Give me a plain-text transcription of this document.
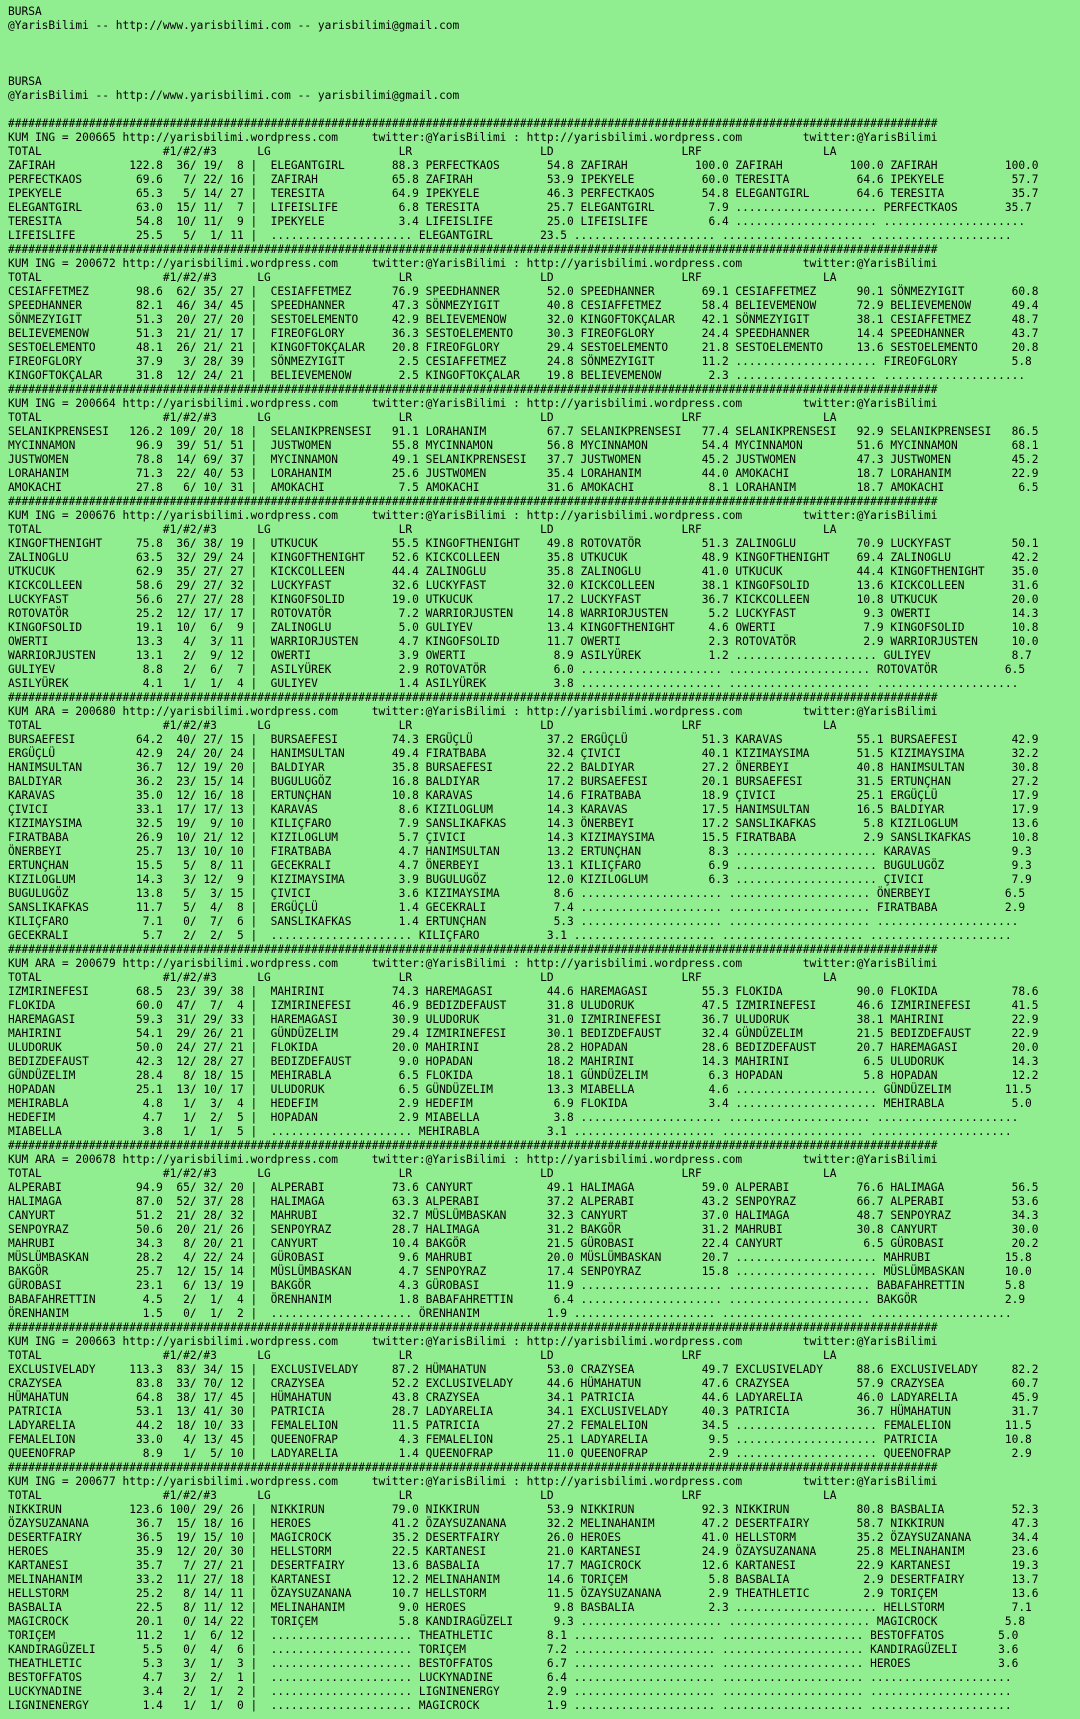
BURSA
@YarisBilimi -- http://www.yarisbilimi.com -- yarisbilimi@gmail.com

BURSA
@YarisBilimi -- http://www.yarisbilimi.com -- yarisbilimi@gmail.com

##########################################################################################################################################
KUM ING = 200665 http://yarisbilimi.wordpress.com     twitter:@YarisBilimi : http://yarisbilimi.wordpress.com         twitter:@YarisBilimi
TOTAL                  #1/#2/#3      LG                   LR                   LD                   LRF                  LA
ZAFIRAH           122.8  36/ 19/  8 |  ELEGANTGIRL       88.3 PERFECTKAOS       54.8 ZAFIRAH          100.0 ZAFIRAH          100.0 ZAFIRAH          100.0
PERFECTKAOS        69.6   7/ 22/ 16 |  ZAFIRAH           65.8 ZAFIRAH           53.9 IPEKYELE          60.0 TERESITA          64.6 IPEKYELE          57.7
IPEKYELE           65.3   5/ 14/ 27 |  TERESITA          64.9 IPEKYELE          46.3 PERFECTKAOS       54.8 ELEGANTGIRL       64.6 TERESITA          35.7
ELEGANTGIRL        63.0  15/ 11/  7 |  LIFEISLIFE         6.8 TERESITA          25.7 ELEGANTGIRL        7.9 ..................... PERFECTKAOS       35.7
TERESITA           54.8  10/ 11/  9 |  IPEKYELE           3.4 LIFEISLIFE        25.0 LIFEISLIFE         6.4 ..................... .....................
LIFEISLIFE         25.5   5/  1/ 11 |  ..................... ELEGANTGIRL       23.5 ..................... ..................... .....................
##########################################################################################################################################
KUM ING = 200672 http://yarisbilimi.wordpress.com     twitter:@YarisBilimi : http://yarisbilimi.wordpress.com         twitter:@YarisBilimi
TOTAL                  #1/#2/#3      LG                   LR                   LD                   LRF                  LA
CESIAFFETMEZ       98.6  62/ 35/ 27 |  CESIAFFETMEZ      76.9 SPEEDHANNER       52.0 SPEEDHANNER       69.1 CESIAFFETMEZ      90.1 SÖNMEZYIGIT       60.8
SPEEDHANNER        82.1  46/ 34/ 45 |  SPEEDHANNER       47.3 SÖNMEZYIGIT       40.8 CESIAFFETMEZ      58.4 BELIEVEMENOW      72.9 BELIEVEMENOW      49.4
SÖNMEZYIGIT        51.3  20/ 27/ 20 |  SESTOELEMENTO     42.9 BELIEVEMENOW      32.0 KINGOFTOKÇALAR    42.1 SÖNMEZYIGIT       38.1 CESIAFFETMEZ      48.7
BELIEVEMENOW       51.3  21/ 21/ 17 |  FIREOFGLORY       36.3 SESTOELEMENTO     30.3 FIREOFGLORY       24.4 SPEEDHANNER       14.4 SPEEDHANNER       43.7
SESTOELEMENTO      48.1  26/ 21/ 21 |  KINGOFTOKÇALAR    20.8 FIREOFGLORY       29.4 SESTOELEMENTO     21.8 SESTOELEMENTO     13.6 SESTOELEMENTO     20.8
FIREOFGLORY        37.9   3/ 28/ 39 |  SÖNMEZYIGIT        2.5 CESIAFFETMEZ      24.8 SÖNMEZYIGIT       11.2 ..................... FIREOFGLORY        5.8
KINGOFTOKÇALAR     31.8  12/ 24/ 21 |  BELIEVEMENOW       2.5 KINGOFTOKÇALAR    19.8 BELIEVEMENOW       2.3 ..................... .....................
##########################################################################################################################################
KUM ING = 200664 http://yarisbilimi.wordpress.com     twitter:@YarisBilimi : http://yarisbilimi.wordpress.com         twitter:@YarisBilimi
TOTAL                  #1/#2/#3      LG                   LR                   LD                   LRF                  LA
SELANIKPRENSESI   126.2 109/ 20/ 18 |  SELANIKPRENSESI   91.1 LORAHANIM         67.7 SELANIKPRENSESI   77.4 SELANIKPRENSESI   92.9 SELANIKPRENSESI   86.5
MYCINNAMON         96.9  39/ 51/ 51 |  JUSTWOMEN         55.8 MYCINNAMON        56.8 MYCINNAMON        54.4 MYCINNAMON        51.6 MYCINNAMON        68.1
JUSTWOMEN          78.8  14/ 69/ 37 |  MYCINNAMON        49.1 SELANIKPRENSESI   37.7 JUSTWOMEN         45.2 JUSTWOMEN         47.3 JUSTWOMEN         45.2
LORAHANIM          71.3  22/ 40/ 53 |  LORAHANIM         25.6 JUSTWOMEN         35.4 LORAHANIM         44.0 AMOKACHI          18.7 LORAHANIM         22.9
AMOKACHI           27.8   6/ 10/ 31 |  AMOKACHI           7.5 AMOKACHI          31.6 AMOKACHI           8.1 LORAHANIM         18.7 AMOKACHI           6.5
##########################################################################################################################################
KUM ING = 200676 http://yarisbilimi.wordpress.com     twitter:@YarisBilimi : http://yarisbilimi.wordpress.com         twitter:@YarisBilimi
TOTAL                  #1/#2/#3      LG                   LR                   LD                   LRF                  LA
KINGOFTHENIGHT     75.8  36/ 38/ 19 |  UTKUCUK           55.5 KINGOFTHENIGHT    49.8 ROTOVATÖR         51.3 ZALINOGLU         70.9 LUCKYFAST         50.1
ZALINOGLU          63.5  32/ 29/ 24 |  KINGOFTHENIGHT    52.6 KICKCOLLEEN       35.8 UTKUCUK           48.9 KINGOFTHENIGHT    69.4 ZALINOGLU         42.2
UTKUCUK            62.9  35/ 27/ 27 |  KICKCOLLEEN       44.4 ZALINOGLU         35.8 ZALINOGLU         41.0 UTKUCUK           44.4 KINGOFTHENIGHT    35.0
KICKCOLLEEN        58.6  29/ 27/ 32 |  LUCKYFAST         32.6 LUCKYFAST         32.0 KICKCOLLEEN       38.1 KINGOFSOLID       13.6 KICKCOLLEEN       31.6
LUCKYFAST          56.6  27/ 27/ 28 |  KINGOFSOLID       19.0 UTKUCUK           17.2 LUCKYFAST         36.7 KICKCOLLEEN       10.8 UTKUCUK           20.0
ROTOVATÖR          25.2  12/ 17/ 17 |  ROTOVATÖR          7.2 WARRIORJUSTEN     14.8 WARRIORJUSTEN      5.2 LUCKYFAST          9.3 OWERTI            14.3
KINGOFSOLID        19.1  10/  6/  9 |  ZALINOGLU          5.0 GULIYEV           13.4 KINGOFTHENIGHT     4.6 OWERTI             7.9 KINGOFSOLID       10.8
OWERTI             13.3   4/  3/ 11 |  WARRIORJUSTEN      4.7 KINGOFSOLID       11.7 OWERTI             2.3 ROTOVATÖR          2.9 WARRIORJUSTEN     10.0
WARRIORJUSTEN      13.1   2/  9/ 12 |  OWERTI             3.9 OWERTI             8.9 ASILYÜREK          1.2 ..................... GULIYEV            8.7
GULIYEV             8.8   2/  6/  7 |  ASILYÜREK          2.9 ROTOVATÖR          6.0 ..................... ..................... ROTOVATÖR          6.5
ASILYÜREK           4.1   1/  1/  4 |  GULIYEV            1.4 ASILYÜREK          3.8 ..................... ..................... .....................
##########################################################################################################################################
KUM ARA = 200680 http://yarisbilimi.wordpress.com     twitter:@YarisBilimi : http://yarisbilimi.wordpress.com         twitter:@YarisBilimi
TOTAL                  #1/#2/#3      LG                   LR                   LD                   LRF                  LA
BURSAEFESI         64.2  40/ 27/ 15 |  BURSAEFESI        74.3 ERGÜÇLÜ           37.2 ERGÜÇLÜ           51.3 KARAVAS           55.1 BURSAEFESI        42.9
ERGÜÇLÜ            42.9  24/ 20/ 24 |  HANIMSULTAN       49.4 FIRATBABA         32.4 ÇIVICI            40.1 KIZIMAYSIMA       51.5 KIZIMAYSIMA       32.2
HANIMSULTAN        36.7  12/ 19/ 20 |  BALDIYAR          35.8 BURSAEFESI        22.2 BALDIYAR          27.2 ÖNERBEYI          40.8 HANIMSULTAN       30.8
BALDIYAR           36.2  23/ 15/ 14 |  BUGULUGÖZ         16.8 BALDIYAR          17.2 BURSAEFESI        20.1 BURSAEFESI        31.5 ERTUNÇHAN         27.2
KARAVAS            35.0  12/ 16/ 18 |  ERTUNÇHAN         10.8 KARAVAS           14.6 FIRATBABA         18.9 ÇIVICI            25.1 ERGÜÇLÜ           17.9
ÇIVICI             33.1  17/ 17/ 13 |  KARAVAS            8.6 KIZILOGLUM        14.3 KARAVAS           17.5 HANIMSULTAN       16.5 BALDIYAR          17.9
KIZIMAYSIMA        32.5  19/  9/ 10 |  KILIÇFARO          7.9 SANSLIKAFKAS      14.3 ÖNERBEYI          17.2 SANSLIKAFKAS       5.8 KIZILOGLUM        13.6
FIRATBABA          26.9  10/ 21/ 12 |  KIZILOGLUM         5.7 ÇIVICI            14.3 KIZIMAYSIMA       15.5 FIRATBABA          2.9 SANSLIKAFKAS      10.8
ÖNERBEYI           25.7  13/ 10/ 10 |  FIRATBABA          4.7 HANIMSULTAN       13.2 ERTUNÇHAN          8.3 ..................... KARAVAS            9.3
ERTUNÇHAN          15.5   5/  8/ 11 |  GECEKRALI          4.7 ÖNERBEYI          13.1 KILIÇFARO          6.9 ..................... BUGULUGÖZ          9.3
KIZILOGLUM         14.3   3/ 12/  9 |  KIZIMAYSIMA        3.9 BUGULUGÖZ         12.0 KIZILOGLUM         6.3 ..................... ÇIVICI             7.9
BUGULUGÖZ          13.8   5/  3/ 15 |  ÇIVICI             3.6 KIZIMAYSIMA        8.6 ..................... ..................... ÖNERBEYI           6.5
SANSLIKAFKAS       11.7   5/  4/  8 |  ERGÜÇLÜ            1.4 GECEKRALI          7.4 ..................... ..................... FIRATBABA          2.9
KILIÇFARO           7.1   0/  7/  6 |  SANSLIKAFKAS       1.4 ERTUNÇHAN          5.3 ..................... ..................... .....................
GECEKRALI           5.7   2/  2/  5 |  ..................... KILIÇFARO          3.1 ..................... ..................... .....................
##########################################################################################################################################
KUM ARA = 200679 http://yarisbilimi.wordpress.com     twitter:@YarisBilimi : http://yarisbilimi.wordpress.com         twitter:@YarisBilimi
TOTAL                  #1/#2/#3      LG                   LR                   LD                   LRF                  LA
IZMIRINEFESI       68.5  23/ 39/ 38 |  MAHIRINI          74.3 HAREMAGASI        44.6 HAREMAGASI        55.3 FLOKIDA           90.0 FLOKIDA           78.6
FLOKIDA            60.0  47/  7/  4 |  IZMIRINEFESI      46.9 BEDIZDEFAUST      31.8 ULUDORUK          47.5 IZMIRINEFESI      46.6 IZMIRINEFESI      41.5
HAREMAGASI         59.3  31/ 29/ 33 |  HAREMAGASI        30.9 ULUDORUK          31.0 IZMIRINEFESI      36.7 ULUDORUK          38.1 MAHIRINI          22.9
MAHIRINI           54.1  29/ 26/ 21 |  GÜNDÜZELIM        29.4 IZMIRINEFESI      30.1 BEDIZDEFAUST      32.4 GÜNDÜZELIM        21.5 BEDIZDEFAUST      22.9
ULUDORUK           50.0  24/ 27/ 21 |  FLOKIDA           20.0 MAHIRINI          28.2 HOPADAN           28.6 BEDIZDEFAUST      20.7 HAREMAGASI        20.0
BEDIZDEFAUST       42.3  12/ 28/ 27 |  BEDIZDEFAUST       9.0 HOPADAN           18.2 MAHIRINI          14.3 MAHIRINI           6.5 ULUDORUK          14.3
GÜNDÜZELIM         28.4   8/ 18/ 15 |  MEHIRABLA          6.5 FLOKIDA           18.1 GÜNDÜZELIM         6.3 HOPADAN            5.8 HOPADAN           12.2
HOPADAN            25.1  13/ 10/ 17 |  ULUDORUK           6.5 GÜNDÜZELIM        13.3 MIABELLA           4.6 ..................... GÜNDÜZELIM        11.5
MEHIRABLA           4.8   1/  3/  4 |  HEDEFIM            2.9 HEDEFIM            6.9 FLOKIDA            3.4 ..................... MEHIRABLA          5.0
HEDEFIM             4.7   1/  2/  5 |  HOPADAN            2.9 MIABELLA           3.8 ..................... ..................... .....................
MIABELLA            3.8   1/  1/  5 |  ..................... MEHIRABLA          3.1 ..................... ..................... .....................
##########################################################################################################################################
KUM ARA = 200678 http://yarisbilimi.wordpress.com     twitter:@YarisBilimi : http://yarisbilimi.wordpress.com         twitter:@YarisBilimi
TOTAL                  #1/#2/#3      LG                   LR                   LD                   LRF                  LA
ALPERABI           94.9  65/ 32/ 20 |  ALPERABI          73.6 CANYURT           49.1 HALIMAGA          59.0 ALPERABI          76.6 HALIMAGA          56.5
HALIMAGA           87.0  52/ 37/ 28 |  HALIMAGA          63.3 ALPERABI          37.2 ALPERABI          43.2 SENPOYRAZ         66.7 ALPERABI          53.6
CANYURT            51.2  21/ 28/ 32 |  MAHRUBI           32.7 MÜSLÜMBASKAN      32.3 CANYURT           37.0 HALIMAGA          48.7 SENPOYRAZ         34.3
SENPOYRAZ          50.6  20/ 21/ 26 |  SENPOYRAZ         28.7 HALIMAGA          31.2 BAKGÖR            31.2 MAHRUBI           30.8 CANYURT           30.0
MAHRUBI            34.3   8/ 20/ 21 |  CANYURT           10.4 BAKGÖR            21.5 GÜROBASI          22.4 CANYURT            6.5 GÜROBASI          20.2
MÜSLÜMBASKAN       28.2   4/ 22/ 24 |  GÜROBASI           9.6 MAHRUBI           20.0 MÜSLÜMBASKAN      20.7 ..................... MAHRUBI           15.8
BAKGÖR             25.7  12/ 15/ 14 |  MÜSLÜMBASKAN       4.7 SENPOYRAZ         17.4 SENPOYRAZ         15.8 ..................... MÜSLÜMBASKAN      10.0
GÜROBASI           23.1   6/ 13/ 19 |  BAKGÖR             4.3 GÜROBASI          11.9 ..................... ..................... BABAFAHRETTIN      5.8
BABAFAHRETTIN       4.5   2/  1/  4 |  ÖRENHANIM          1.8 BABAFAHRETTIN      6.4 ..................... ..................... BAKGÖR             2.9
ÖRENHANIM           1.5   0/  1/  2 |  ..................... ÖRENHANIM          1.9 ..................... ..................... .....................
##########################################################################################################################################
KUM ING = 200663 http://yarisbilimi.wordpress.com     twitter:@YarisBilimi : http://yarisbilimi.wordpress.com         twitter:@YarisBilimi
TOTAL                  #1/#2/#3      LG                   LR                   LD                   LRF                  LA
EXCLUSIVELADY     113.3  83/ 34/ 15 |  EXCLUSIVELADY     87.2 HÜMAHATUN         53.0 CRAZYSEA          49.7 EXCLUSIVELADY     88.6 EXCLUSIVELADY     82.2
CRAZYSEA           83.8  33/ 70/ 12 |  CRAZYSEA          52.2 EXCLUSIVELADY     44.6 HÜMAHATUN         47.6 CRAZYSEA          57.9 CRAZYSEA          60.7
HÜMAHATUN          64.8  38/ 17/ 45 |  HÜMAHATUN         43.8 CRAZYSEA          34.1 PATRICIA          44.6 LADYARELIA        46.0 LADYARELIA        45.9
PATRICIA           53.1  13/ 41/ 30 |  PATRICIA          28.7 LADYARELIA        34.1 EXCLUSIVELADY     40.3 PATRICIA          36.7 HÜMAHATUN         31.7
LADYARELIA         44.2  18/ 10/ 33 |  FEMALELION        11.5 PATRICIA          27.2 FEMALELION        34.5 ..................... FEMALELION        11.5
FEMALELION         33.0   4/ 13/ 45 |  QUEENOFRAP         4.3 FEMALELION        25.1 LADYARELIA         9.5 ..................... PATRICIA          10.8
QUEENOFRAP          8.9   1/  5/ 10 |  LADYARELIA         1.4 QUEENOFRAP        11.0 QUEENOFRAP         2.9 ..................... QUEENOFRAP         2.9
##########################################################################################################################################
KUM ING = 200677 http://yarisbilimi.wordpress.com     twitter:@YarisBilimi : http://yarisbilimi.wordpress.com         twitter:@YarisBilimi
TOTAL                  #1/#2/#3      LG                   LR                   LD                   LRF                  LA
NIKKIRUN          123.6 100/ 29/ 26 |  NIKKIRUN          79.0 NIKKIRUN          53.9 NIKKIRUN          92.3 NIKKIRUN          80.8 BASBALIA          52.3
ÖZAYSUZANANA       36.7  15/ 18/ 16 |  HEROES            41.2 ÖZAYSUZANANA      32.2 MELINAHANIM       47.2 DESERTFAIRY       58.7 NIKKIRUN          47.3
DESERTFAIRY        36.5  19/ 15/ 10 |  MAGICROCK         35.2 DESERTFAIRY       26.0 HEROES            41.0 HELLSTORM         35.2 ÖZAYSUZANANA      34.4
HEROES             35.9  12/ 20/ 30 |  HELLSTORM         22.5 KARTANESI         21.0 KARTANESI         24.9 ÖZAYSUZANANA      25.8 MELINAHANIM       23.6
KARTANESI          35.7   7/ 27/ 21 |  DESERTFAIRY       13.6 BASBALIA          17.7 MAGICROCK         12.6 KARTANESI         22.9 KARTANESI         19.3
MELINAHANIM        33.2  11/ 27/ 18 |  KARTANESI         12.2 MELINAHANIM       14.6 TORIÇEM            5.8 BASBALIA           2.9 DESERTFAIRY       13.7
HELLSTORM          25.2   8/ 14/ 11 |  ÖZAYSUZANANA      10.7 HELLSTORM         11.5 ÖZAYSUZANANA       2.9 THEATHLETIC        2.9 TORIÇEM           13.6
BASBALIA           22.5   8/ 11/ 12 |  MELINAHANIM        9.0 HEROES             9.8 BASBALIA           2.3 ..................... HELLSTORM          7.1
MAGICROCK          20.1   0/ 14/ 22 |  TORIÇEM            5.8 KANDIRAGÜZELI      9.3 ..................... ..................... MAGICROCK          5.8
TORIÇEM            11.2   1/  6/ 12 |  ..................... THEATHLETIC        8.1 ..................... ..................... BESTOFFATOS        5.0
KANDIRAGÜZELI       5.5   0/  4/  6 |  ..................... TORIÇEM            7.2 ..................... ..................... KANDIRAGÜZELI      3.6
THEATHLETIC         5.3   3/  1/  3 |  ..................... BESTOFFATOS        6.7 ..................... ..................... HEROES             3.6
BESTOFFATOS         4.7   3/  2/  1 |  ..................... LUCKYNADINE        6.4 ..................... ..................... .....................
LUCKYNADINE         3.4   2/  1/  2 |  ..................... LIGNINENERGY       2.9 ..................... ..................... .....................
LIGNINENERGY        1.4   1/  1/  0 |  ..................... MAGICROCK          1.9 ..................... ..................... .....................
